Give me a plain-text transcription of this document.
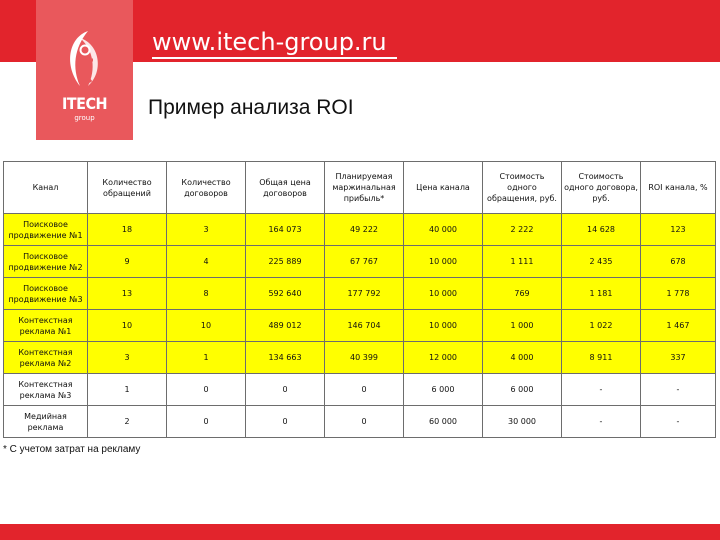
www.itech-group.ru
ITECH
group	Пример анализа ROI
Канал	Количество обращений	Количество договоров	Общая цена договоров	Планируемая маржинальная прибыль*	Цена канала	Стоимость одного обращения, руб.	Стоимость одного договора, руб.	ROI канала, %
Поисковое продвижение №1	18	3	164 073	49 222	40 000	2 222	14 628	123
Поисковое продвижение №2	9	4	225 889	67 767	10 000	1 111	2 435	678
Поисковое продвижение №3	13	8	592 640	177 792	10 000	769	1 181	1 778
Контекстная реклама №1	10	10	489 012	146 704	10 000	1 000	1 022	1 467
Контекстная реклама №2	3	1	134 663	40 399	12 000	4 000	8 911	337
Контекстная реклама №3	1	0	0	0	6 000	6 000	-	-
Медийная реклама	2	0	0	0	60 000	30 000	-	-
* С учетом затрат на рекламу
